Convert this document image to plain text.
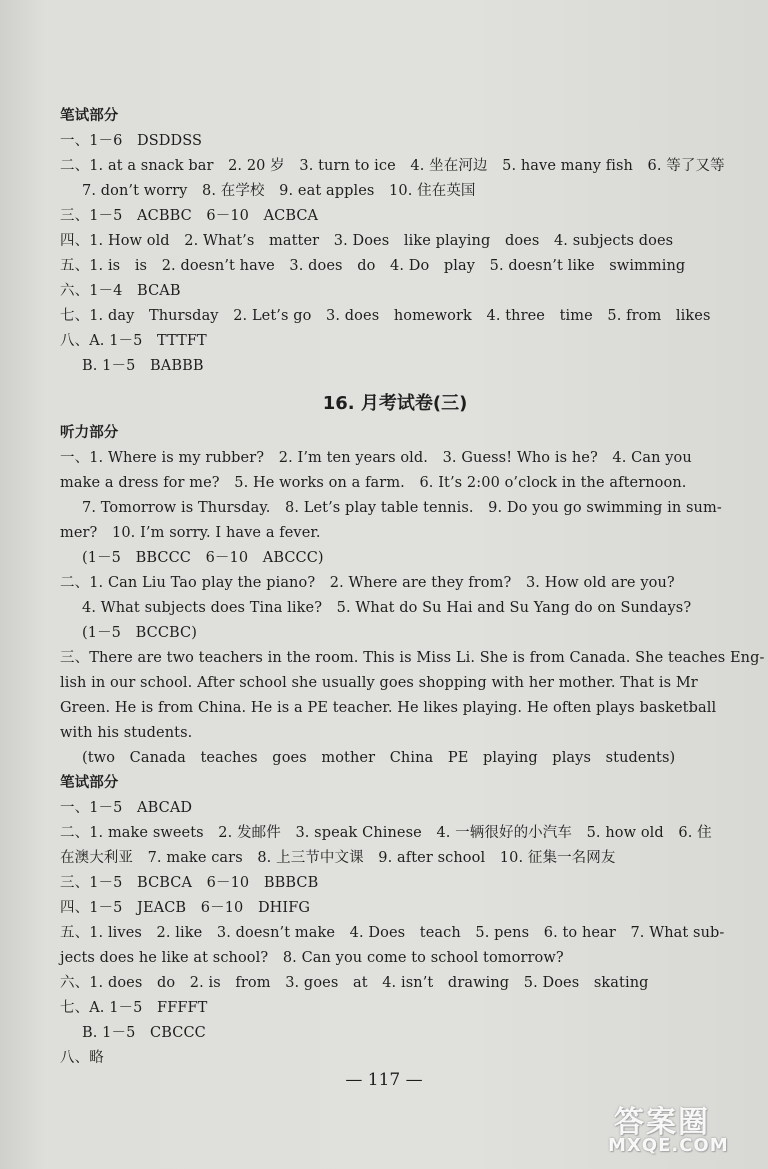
笔试部分
一、1－6　DSDDSS
二、1. at a snack bar　2. 20 岁　3. turn to ice　4. 坐在河边　5. have many fish　6. 等了又等
7. don’t worry　8. 在学校　9. eat apples　10. 住在英国
三、1－5　ACBBC　6－10　ACBCA
四、1. How old　2. What’s　matter　3. Does　like playing　does　4. subjects does
五、1. is　is　2. doesn’t have　3. does　do　4. Do　play　5. doesn’t like　swimming
六、1－4　BCAB
七、1. day　Thursday　2. Let’s go　3. does　homework　4. three　time　5. from　likes
八、A. 1－5　TTTFT
B. 1－5　BABBB
16. 月考试卷(三)
听力部分
一、1. Where is my rubber?　2. I’m ten years old.　3. Guess! Who is he?　4. Can you
make a dress for me?　5. He works on a farm.　6. It’s 2:00 o’clock in the afternoon.
7. Tomorrow is Thursday.　8. Let’s play table tennis.　9. Do you go swimming in sum-
mer?　10. I’m sorry. I have a fever.
(1－5　BBCCC　6－10　ABCCC)
二、1. Can Liu Tao play the piano?　2. Where are they from?　3. How old are you?
4. What subjects does Tina like?　5. What do Su Hai and Su Yang do on Sundays?
(1－5　BCCBC)
三、There are two teachers in the room. This is Miss Li. She is from Canada. She teaches Eng-
lish in our school. After school she usually goes shopping with her mother. That is Mr
Green. He is from China. He is a PE teacher. He likes playing. He often plays basketball
with his students.
(two　Canada　teaches　goes　mother　China　PE　playing　plays　students)
笔试部分
一、1－5　ABCAD
二、1. make sweets　2. 发邮件　3. speak Chinese　4. 一辆很好的小汽车　5. how old　6. 住
在澳大利亚　7. make cars　8. 上三节中文课　9. after school　10. 征集一名网友
三、1－5　BCBCA　6－10　BBBCB
四、1－5　JEACB　6－10　DHIFG
五、1. lives　2. like　3. doesn’t make　4. Does　teach　5. pens　6. to hear　7. What sub-
jects does he like at school?　8. Can you come to school tomorrow?
六、1. does　do　2. is　from　3. goes　at　4. isn’t　drawing　5. Does　skating
七、A. 1－5　FFFFT
B. 1－5　CBCCC
八、略
— 117 —
答案圈
MXQE.COM
